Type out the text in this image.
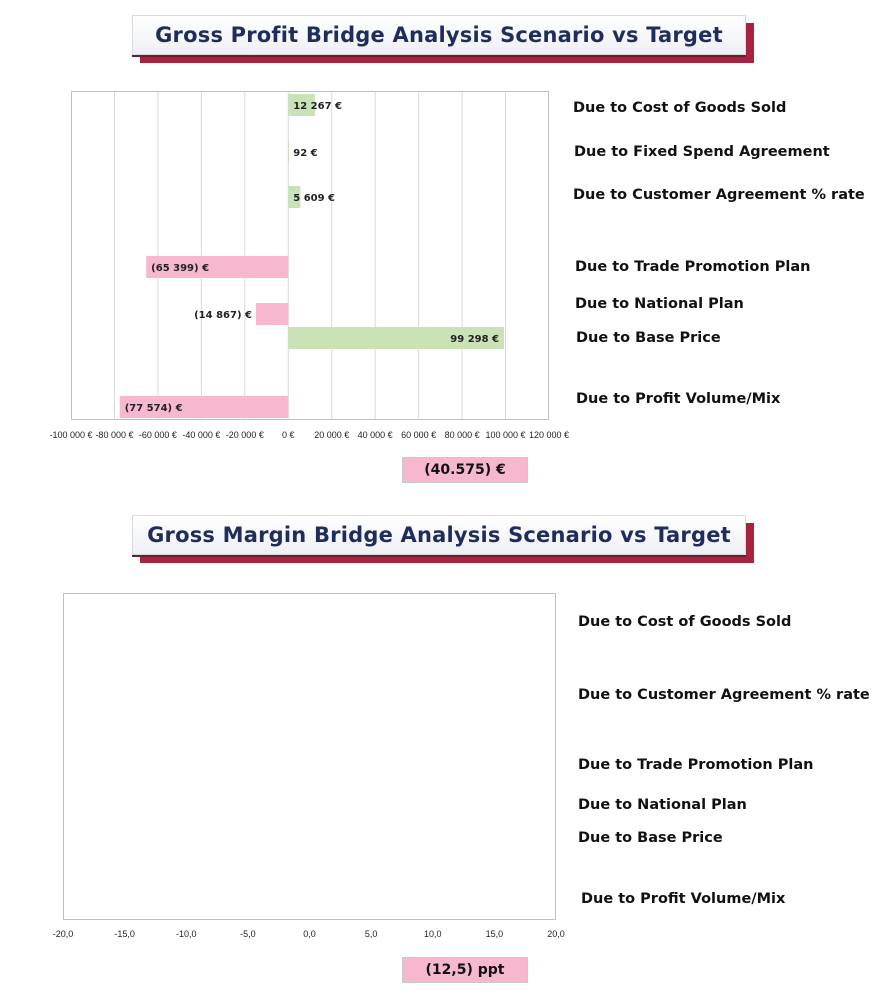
Gross Profit Bridge Analysis Scenario vs Target
-100 000 € -80 000 € -60 000 € -40 000 € -20 000 € 0 € 20 000 € 40 000 € 60 000 € 80 000 € 100 000 € 120 000 €
12 267 €
92 €
5 609 €
(65 399) €
(14 867) €
99 298 €
(77 574) €
-20,0	-15,0	-10,0	-5,0	0,0	5,0	10,0	15,0	20,0
Due to Cost of Goods Sold
Due to Fixed Spend Agreement
Due to Customer Agreement % rate
Due to Trade Promotion Plan
Due to National Plan
Due to Base Price
Due to Profit Volume/Mix
(40.575) €
Gross Margin Bridge Analysis Scenario vs Target
Due to Cost of Goods Sold
Due to Customer Agreement % rate
Due to Trade Promotion Plan
Due to National Plan
Due to Base Price
Due to Profit Volume/Mix
(12,5) ppt
